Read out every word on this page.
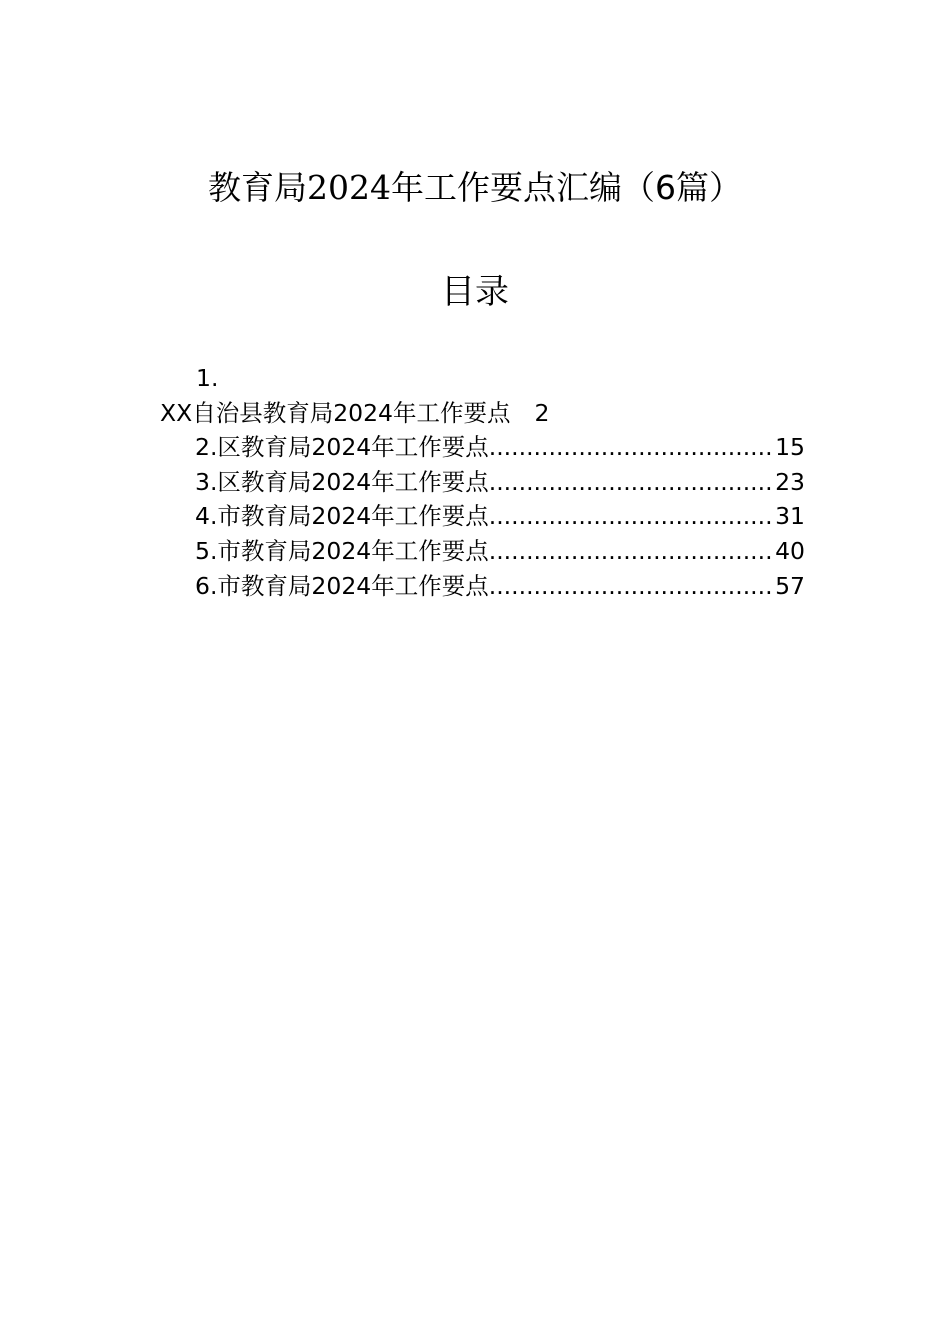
教育局2024年工作要点汇编（6篇）
目录
1.
XX自治县教育局2024年工作要点 2
2.区教育局2024年工作要点 .....	15
3.区教育局2024年工作要点 .....	23
4.市教育局2024年工作要点 .....	31
5.市教育局2024年工作要点 .....	40
6.市教育局2024年工作要点 .....	57
